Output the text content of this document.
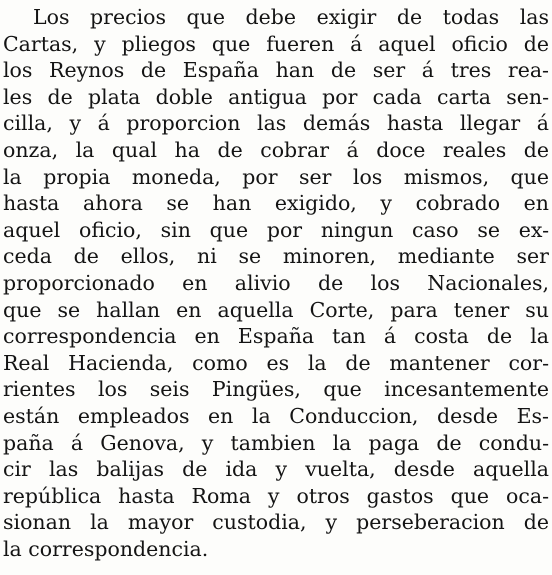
Los precios que debe exigir de todas las
Cartas, y pliegos que fueren á aquel oficio de
los Reynos de España han de ser á tres rea-
les de plata doble antigua por cada carta sen-
cilla, y á proporcion las demás hasta llegar á
onza, la qual ha de cobrar á doce reales de
la propia moneda, por ser los mismos, que
hasta ahora se han exigido, y cobrado en
aquel oficio, sin que por ningun caso se ex-
ceda de ellos, ni se minoren, mediante ser
proporcionado en alivio de los Nacionales,
que se hallan en aquella Corte, para tener su
correspondencia en España tan á costa de la
Real Hacienda, como es la de mantener cor-
rientes los seis Pingües, que incesantemente
están empleados en la Conduccion, desde Es-
paña á Genova, y tambien la paga de condu-
cir las balijas de ida y vuelta, desde aquella
república hasta Roma y otros gastos que oca-
sionan la mayor custodia, y perseberacion de
la correspondencia.
